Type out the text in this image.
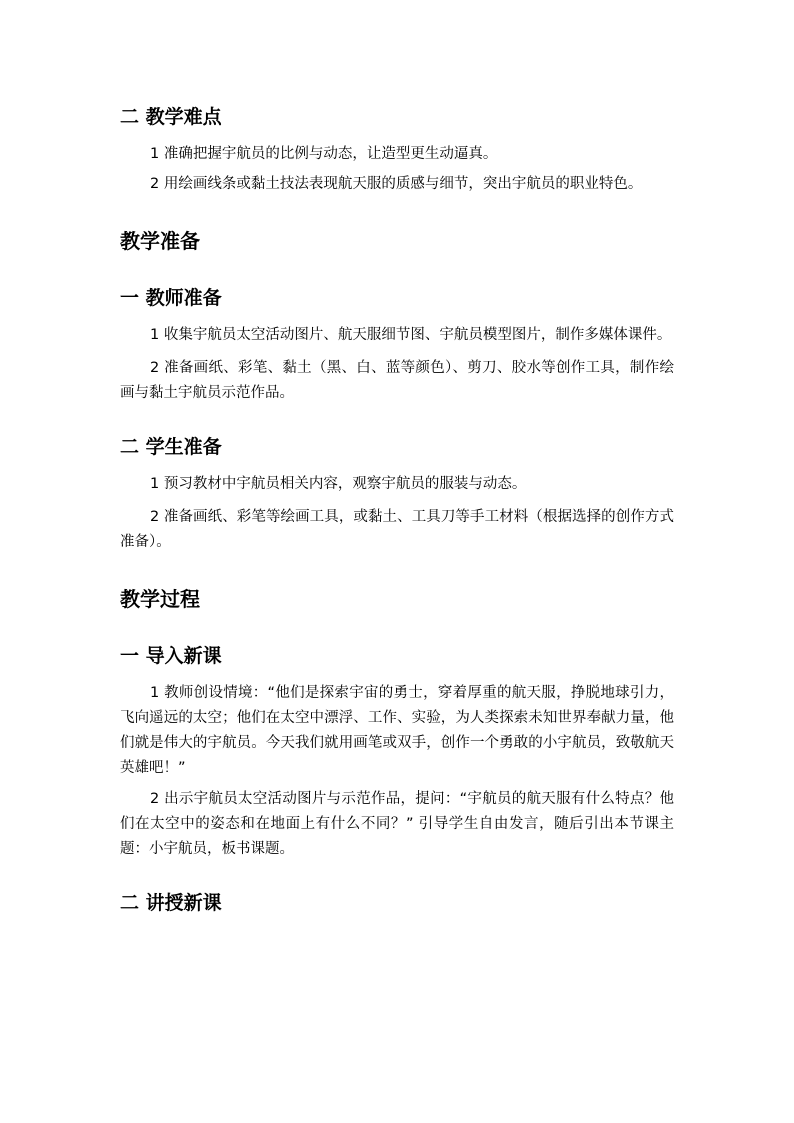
二 教学难点

1 准确把握宇航员的比例与动态，让造型更生动逼真。

2 用绘画线条或黏土技法表现航天服的质感与细节，突出宇航员的职业特色。

教学准备
一 教师准备

1 收集宇航员太空活动图片、航天服细节图、宇航员模型图片，制作多媒体课件。

2 准备画纸、彩笔、黏土（黑、白、蓝等颜色）、剪刀、胶水等创作工具，制作绘画与黏土宇航员示范作品。

二 学生准备

1 预习教材中宇航员相关内容，观察宇航员的服装与动态。

2 准备画纸、彩笔等绘画工具，或黏土、工具刀等手工材料（根据选择的创作方式准备）。

教学过程
一 导入新课

1 教师创设情境：“他们是探索宇宙的勇士，穿着厚重的航天服，挣脱地球引力，飞向遥远的太空；他们在太空中漂浮、工作、实验，为人类探索未知世界奉献力量，他们就是伟大的宇航员。今天我们就用画笔或双手，创作一个勇敢的小宇航员，致敬航天英雄吧！”

2 出示宇航员太空活动图片与示范作品，提问：“宇航员的航天服有什么特点？他们在太空中的姿态和在地面上有什么不同？” 引导学生自由发言，随后引出本节课主题：小宇航员，板书课题。

二 讲授新课
